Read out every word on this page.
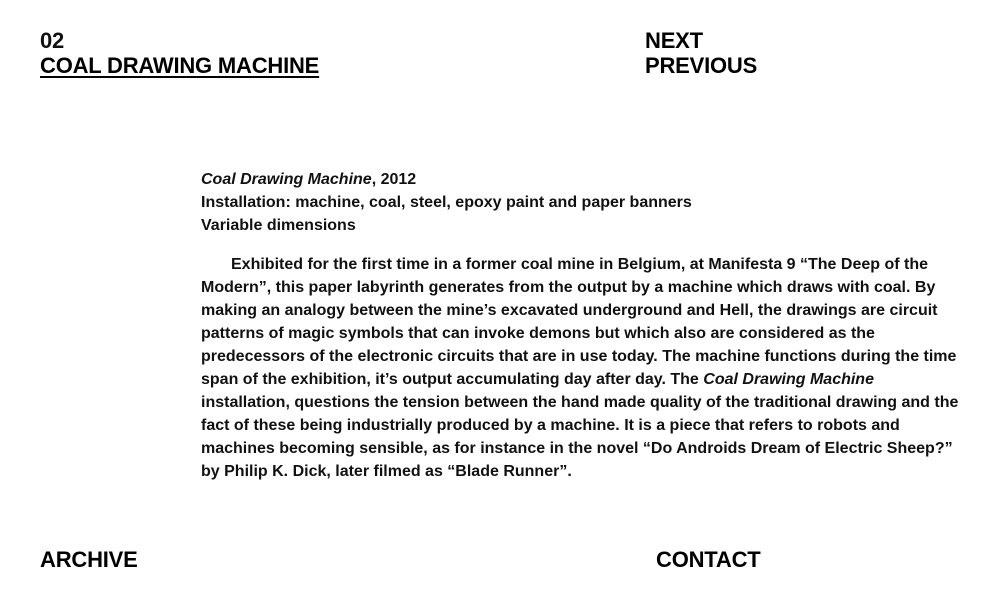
02
COAL DRAWING MACHINE
NEXT
PREVIOUS

Coal Drawing Machine, 2012

Installation: machine, coal, steel, epoxy paint and paper banners

Variable dimensions

Exhibited for the first time in a former coal mine in Belgium, at Manifesta 9 “The Deep of the Modern”, this paper labyrinth generates from the output by a machine which draws with coal. By making an analogy between the mine’s excavated underground and Hell, the drawings are circuit patterns of magic symbols that can invoke demons but which also are considered as the predecessors of the electronic circuits that are in use today. The machine functions during the time span of the exhibition, it’s output accumulating day after day. The Coal Drawing Machine installation, questions the tension between the hand made quality of the traditional drawing and the fact of these being industrially produced by a machine. It is a piece that refers to robots and machines becoming sensible, as for instance in the novel “Do Androids Dream of Electric Sheep?” by Philip K. Dick, later filmed as “Blade Runner”.

ARCHIVE	CONTACT
